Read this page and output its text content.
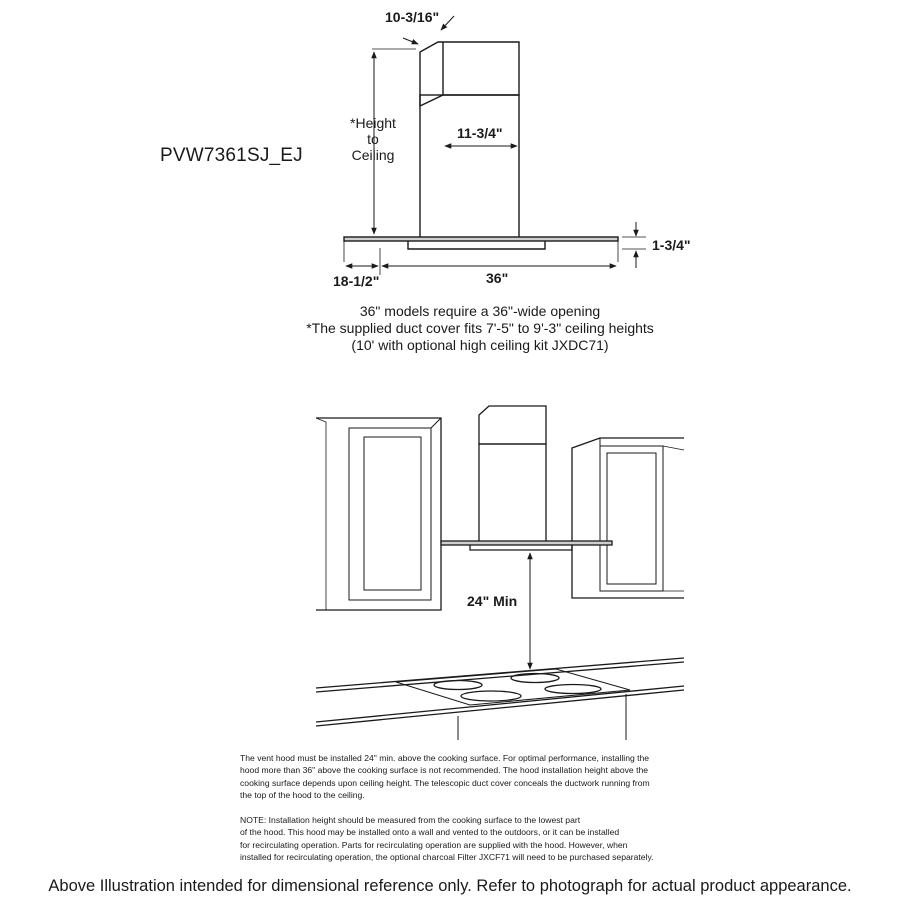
10-3/16"
PVW7361SJ_EJ
*Height
to
Ceiling
11-3/4"
1-3/4"
18-1/2"	36"
36" models require a 36"-wide opening
*The supplied duct cover fits 7'-5" to 9'-3" ceiling heights
(10' with optional high ceiling kit JXDC71)
24" Min
The vent hood must be installed 24" min. above the cooking surface. For optimal performance, installing the
hood more than 36" above the cooking surface is not recommended. The hood installation height above the
cooking surface depends upon ceiling height. The telescopic duct cover conceals the ductwork running from
the top of the hood to the ceiling.
NOTE: Installation height should be measured from the cooking surface to the lowest part
of the hood. This hood may be installed onto a wall and vented to the outdoors, or it can be installed
for recirculating operation. Parts for recirculating operation are supplied with the hood. However, when
installed for recirculating operation, the optional charcoal Filter JXCF71 will need to be purchased separately.
Above Illustration intended for dimensional reference only. Refer to photograph for actual product appearance.
